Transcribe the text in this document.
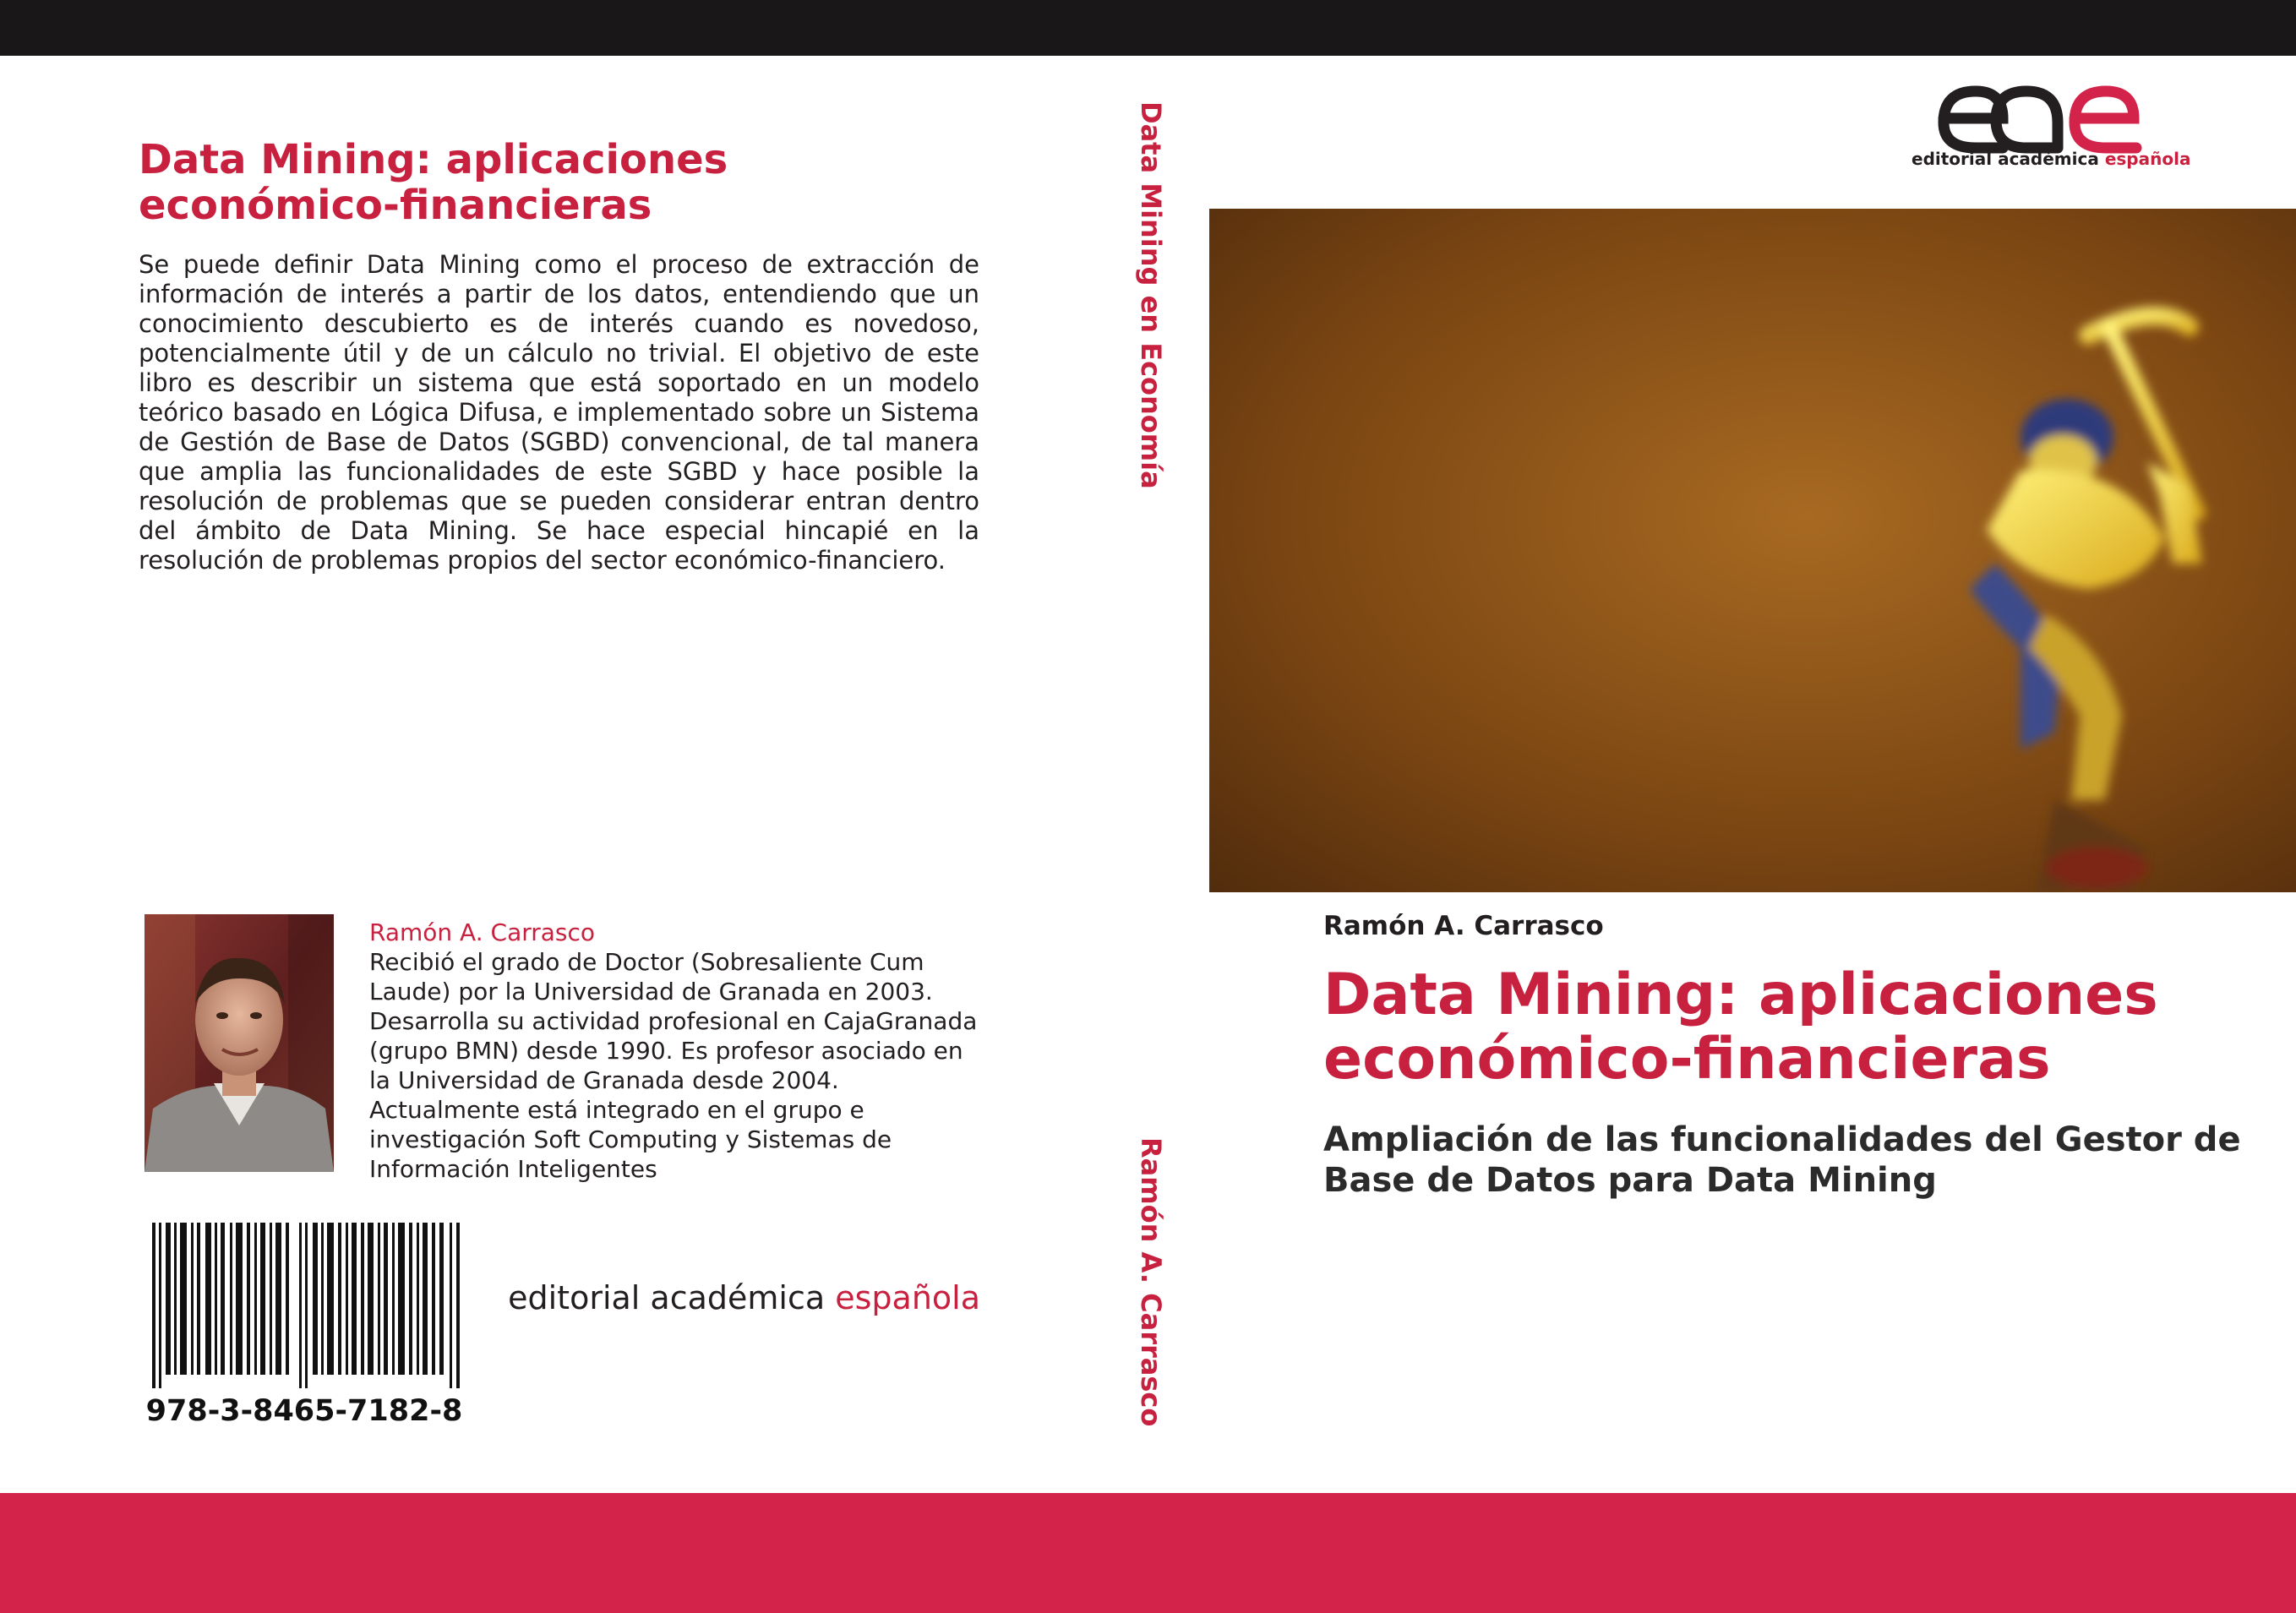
Data Mining: aplicaciones económico-financieras

Se puede definir Data Mining como el proceso de extracción de información de interés a partir de los datos, entendiendo que un conocimiento descubierto es de interés cuando es novedoso, potencialmente útil y de un cálculo no trivial. El objetivo de este libro es describir un sistema que está soportado en un modelo teórico basado en Lógica Difusa, e implementado sobre un Sistema de Gestión de Base de Datos (SGBD) convencional, de tal manera que amplia las funcionalidades de este SGBD y hace posible la resolución de problemas que se pueden considerar entran dentro del ámbito de Data Mining. Se hace especial hincapié en la resolución de problemas propios del sector económico-financiero.

Ramón A. Carrasco

Recibió el grado de Doctor (Sobresaliente Cum Laude) por la Universidad de Granada en 2003. Desarrolla su actividad profesional en CajaGranada (grupo BMN) desde 1990. Es profesor asociado en la Universidad de Granada desde 2004. Actualmente está integrado en el grupo e investigación Soft Computing y Sistemas de Información Inteligentes

978-3-8465-7182-8
editorial académica española
Data Mining en Economía
Ramón A. Carrasco
editorial académica española
Ramón A. Carrasco
Data Mining: aplicaciones económico-financieras

Ampliación de las funcionalidades del Gestor de Base de Datos para Data Mining
